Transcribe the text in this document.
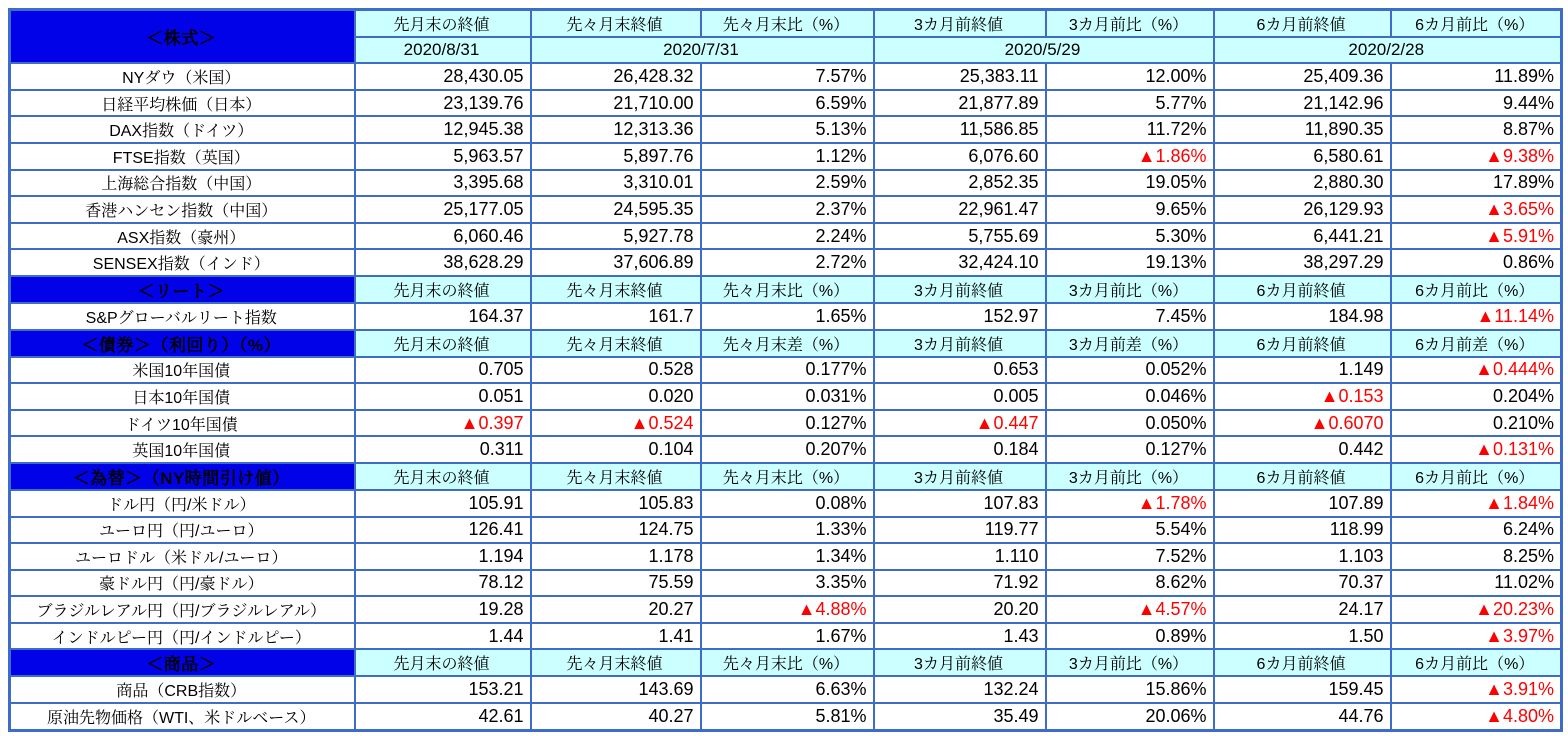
＜株式＞	先月末の終値	先々月末終値	先々月末比（%）	3カ月前終値	3カ月前比（%）	6カ月前終値	6カ月前比（%）
	2020/8/31	2020/7/31		2020/5/29		2020/2/28	
NYダウ（米国）	28,430.05	26,428.32	7.57%	25,383.11	12.00%	25,409.36	11.89%
日経平均株価（日本）	23,139.76	21,710.00	6.59%	21,877.89	5.77%	21,142.96	9.44%
DAX指数（ドイツ）	12,945.38	12,313.36	5.13%	11,586.85	11.72%	11,890.35	8.87%
FTSE指数（英国）	5,963.57	5,897.76	1.12%	6,076.60	▲1.86%	6,580.61	▲9.38%
上海総合指数（中国）	3,395.68	3,310.01	2.59%	2,852.35	19.05%	2,880.30	17.89%
香港ハンセン指数（中国）	25,177.05	24,595.35	2.37%	22,961.47	9.65%	26,129.93	▲3.65%
ASX指数（豪州）	6,060.46	5,927.78	2.24%	5,755.69	5.30%	6,441.21	▲5.91%
SENSEX指数（インド）	38,628.29	37,606.89	2.72%	32,424.10	19.13%	38,297.29	0.86%
＜リート＞	先月末の終値	先々月末終値	先々月末比（%）	3カ月前終値	3カ月前比（%）	6カ月前終値	6カ月前比（%）
S&Pグローバルリート指数	164.37	161.7	1.65%	152.97	7.45%	184.98	▲11.14%
＜債券＞（利回り）（%）	先月末の終値	先々月末終値	先々月末差（%）	3カ月前終値	3カ月前差（%）	6カ月前終値	6カ月前差（%）
米国10年国債	0.705	0.528	0.177%	0.653	0.052%	1.149	▲0.444%
日本10年国債	0.051	0.020	0.031%	0.005	0.046%	▲0.153	0.204%
ドイツ10年国債	▲0.397	▲0.524	0.127%	▲0.447	0.050%	▲0.6070	0.210%
英国10年国債	0.311	0.104	0.207%	0.184	0.127%	0.442	▲0.131%
＜為替＞（NY時間引け値）	先月末の終値	先々月末終値	先々月末比（%）	3カ月前終値	3カ月前比（%）	6カ月前終値	6カ月前比（%）
ドル円（円/米ドル）	105.91	105.83	0.08%	107.83	▲1.78%	107.89	▲1.84%
ユーロ円（円/ユーロ）	126.41	124.75	1.33%	119.77	5.54%	118.99	6.24%
ユーロドル（米ドル/ユーロ）	1.194	1.178	1.34%	1.110	7.52%	1.103	8.25%
豪ドル円（円/豪ドル）	78.12	75.59	3.35%	71.92	8.62%	70.37	11.02%
ブラジルレアル円（円/ブラジルレアル）	19.28	20.27	▲4.88%	20.20	▲4.57%	24.17	▲20.23%
インドルピー円（円/インドルピー）	1.44	1.41	1.67%	1.43	0.89%	1.50	▲3.97%
＜商品＞	先月末の終値	先々月末終値	先々月末比（%）	3カ月前終値	3カ月前比（%）	6カ月前終値	6カ月前比（%）
商品（CRB指数）	153.21	143.69	6.63%	132.24	15.86%	159.45	▲3.91%
原油先物価格（WTI、米ドルベース）	42.61	40.27	5.81%	35.49	20.06%	44.76	▲4.80%
